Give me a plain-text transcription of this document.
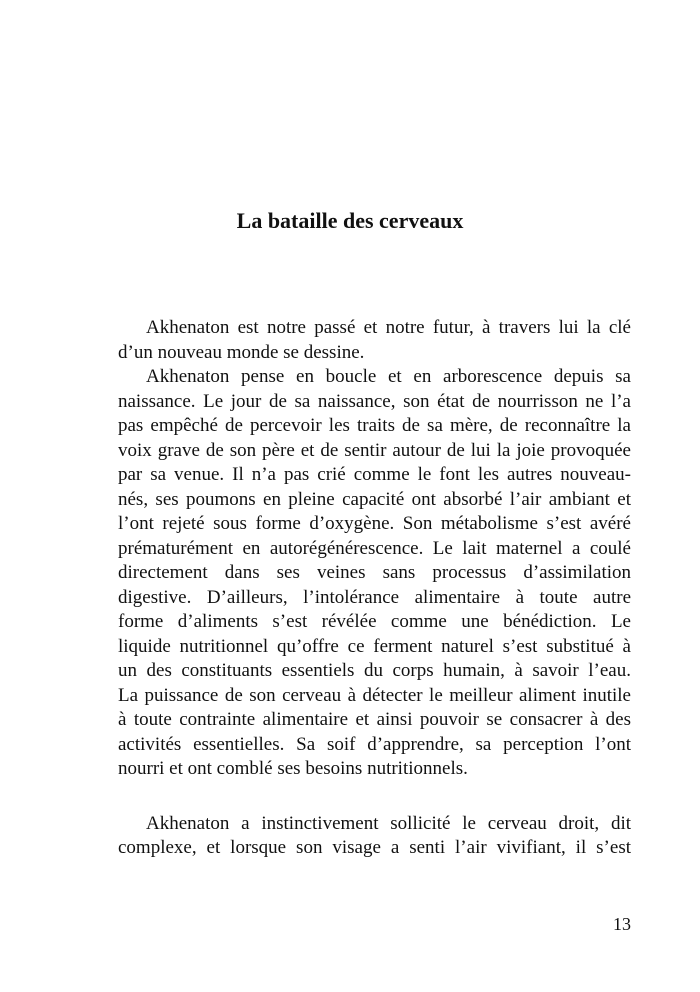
La bataille des cerveaux
Akhenaton est notre passé et notre futur, à travers lui la clé
d’un nouveau monde se dessine.
Akhenaton pense en boucle et en arborescence depuis sa
naissance. Le jour de sa naissance, son état de nourrisson ne l’a
pas empêché de percevoir les traits de sa mère, de reconnaître la
voix grave de son père et de sentir autour de lui la joie provoquée
par sa venue. Il n’a pas crié comme le font les autres nouveau-
nés, ses poumons en pleine capacité ont absorbé l’air ambiant et
l’ont rejeté sous forme d’oxygène. Son métabolisme s’est avéré
prématurément en autorégénérescence. Le lait maternel a coulé
directement dans ses veines sans processus d’assimilation
digestive. D’ailleurs, l’intolérance alimentaire à toute autre
forme d’aliments s’est révélée comme une bénédiction. Le
liquide nutritionnel qu’offre ce ferment naturel s’est substitué à
un des constituants essentiels du corps humain, à savoir l’eau.
La puissance de son cerveau à détecter le meilleur aliment inutile
à toute contrainte alimentaire et ainsi pouvoir se consacrer à des
activités essentielles. Sa soif d’apprendre, sa perception l’ont
nourri et ont comblé ses besoins nutritionnels.
Akhenaton a instinctivement sollicité le cerveau droit, dit
complexe, et lorsque son visage a senti l’air vivifiant, il s’est
13
